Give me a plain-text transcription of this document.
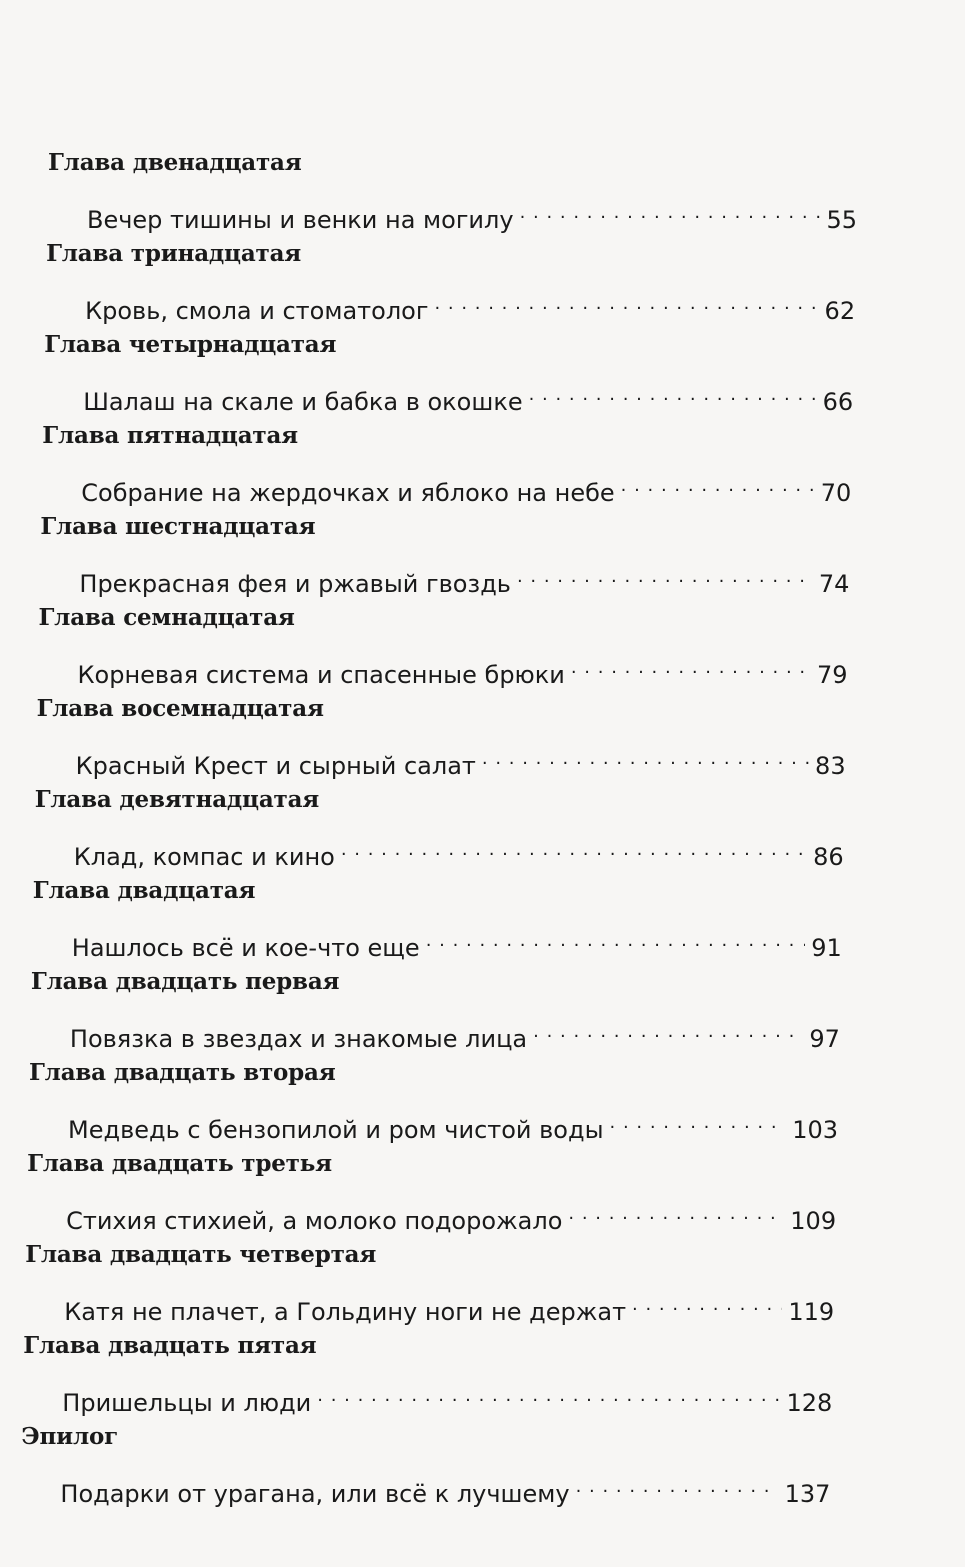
Глава двенадцатая
Вечер тишины и венки на могилу . . .	55
Глава тринадцатая
Кровь, смола и стоматолог . . .	62
Глава четырнадцатая
Шалаш на скале и бабка в окошке . . .	66
Глава пятнадцатая
Собрание на жердочках и яблоко на небе . . .	70
Глава шестнадцатая
Прекрасная фея и ржавый гвоздь . . .	74
Глава семнадцатая
Корневая система и спасенные брюки . . .	79
Глава восемнадцатая
Красный Крест и сырный салат . . .	83
Глава девятнадцатая
Клад, компас и кино . . .	86
Глава двадцатая
Нашлось всё и кое-что еще . . .	91
Глава двадцать первая
Повязка в звездах и знакомые лица . . .	97
Глава двадцать вторая
Медведь с бензопилой и ром чистой воды . . .	103
Глава двадцать третья
Стихия стихией, а молоко подорожало . . .	109
Глава двадцать четвертая
Катя не плачет, а Гольдину ноги не держат . . .	119
Глава двадцать пятая
Пришельцы и люди . . .	128
Эпилог
Подарки от урагана, или всё к лучшему . . .	137
